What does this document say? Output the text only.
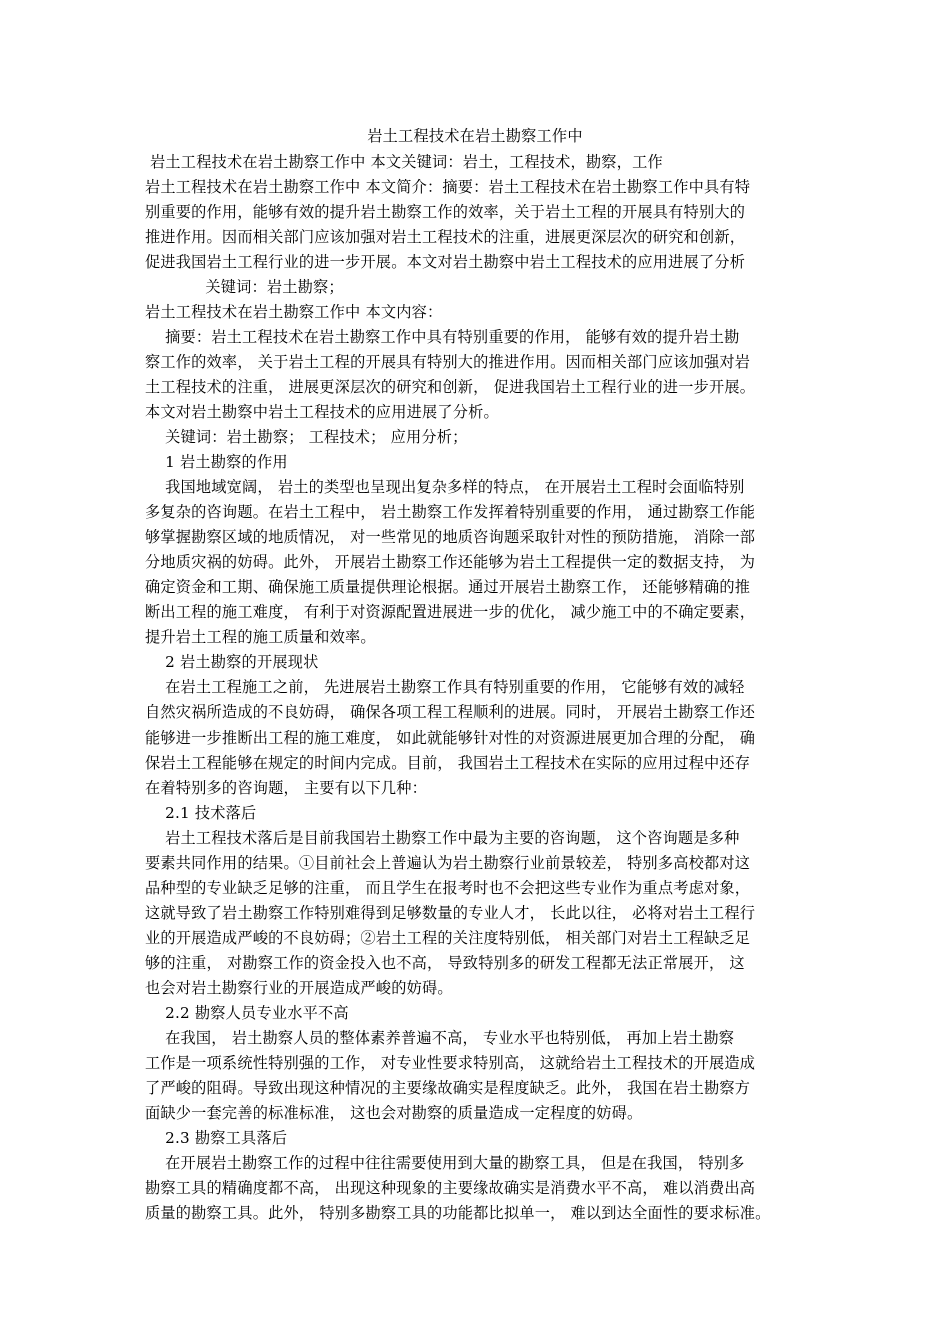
岩土工程技术在岩土勘察工作中
岩土工程技术在岩土勘察工作中 本文关键词：岩土，工程技术，勘察，工作
岩土工程技术在岩土勘察工作中 本文简介：摘要：岩土工程技术在岩土勘察工作中具有特
别重要的作用，能够有效的提升岩土勘察工作的效率，关于岩土工程的开展具有特别大的
推进作用。因而相关部门应该加强对岩土工程技术的注重，进展更深层次的研究和创新，
促进我国岩土工程行业的进一步开展。本文对岩土勘察中岩土工程技术的应用进展了分析
关键词：岩土勘察；
岩土工程技术在岩土勘察工作中 本文内容：
摘要：岩土工程技术在岩土勘察工作中具有特别重要的作用， 能够有效的提升岩土勘
察工作的效率， 关于岩土工程的开展具有特别大的推进作用。因而相关部门应该加强对岩
土工程技术的注重， 进展更深层次的研究和创新， 促进我国岩土工程行业的进一步开展。
本文对岩土勘察中岩土工程技术的应用进展了分析。
关键词：岩土勘察； 工程技术； 应用分析；
1 岩土勘察的作用
我国地域宽阔， 岩土的类型也呈现出复杂多样的特点， 在开展岩土工程时会面临特别
多复杂的咨询题。在岩土工程中， 岩土勘察工作发挥着特别重要的作用， 通过勘察工作能
够掌握勘察区域的地质情况， 对一些常见的地质咨询题采取针对性的预防措施， 消除一部
分地质灾祸的妨碍。此外， 开展岩土勘察工作还能够为岩土工程提供一定的数据支持， 为
确定资金和工期、确保施工质量提供理论根据。通过开展岩土勘察工作， 还能够精确的推
断出工程的施工难度， 有利于对资源配置进展进一步的优化， 减少施工中的不确定要素，
提升岩土工程的施工质量和效率。
2 岩土勘察的开展现状
在岩土工程施工之前， 先进展岩土勘察工作具有特别重要的作用， 它能够有效的减轻
自然灾祸所造成的不良妨碍， 确保各项工程工程顺利的进展。同时， 开展岩土勘察工作还
能够进一步推断出工程的施工难度， 如此就能够针对性的对资源进展更加合理的分配， 确
保岩土工程能够在规定的时间内完成。目前， 我国岩土工程技术在实际的应用过程中还存
在着特别多的咨询题， 主要有以下几种：
2.1 技术落后
岩土工程技术落后是目前我国岩土勘察工作中最为主要的咨询题， 这个咨询题是多种
要素共同作用的结果。①目前社会上普遍认为岩土勘察行业前景较差， 特别多高校都对这
品种型的专业缺乏足够的注重， 而且学生在报考时也不会把这些专业作为重点考虑对象，
这就导致了岩土勘察工作特别难得到足够数量的专业人才， 长此以往， 必将对岩土工程行
业的开展造成严峻的不良妨碍；②岩土工程的关注度特别低， 相关部门对岩土工程缺乏足
够的注重， 对勘察工作的资金投入也不高， 导致特别多的研发工程都无法正常展开， 这
也会对岩土勘察行业的开展造成严峻的妨碍。
2.2 勘察人员专业水平不高
在我国， 岩土勘察人员的整体素养普遍不高， 专业水平也特别低， 再加上岩土勘察
工作是一项系统性特别强的工作， 对专业性要求特别高， 这就给岩土工程技术的开展造成
了严峻的阻碍。导致出现这种情况的主要缘故确实是程度缺乏。此外， 我国在岩土勘察方
面缺少一套完善的标准标准， 这也会对勘察的质量造成一定程度的妨碍。
2.3 勘察工具落后
在开展岩土勘察工作的过程中往往需要使用到大量的勘察工具， 但是在我国， 特别多
勘察工具的精确度都不高， 出现这种现象的主要缘故确实是消费水平不高， 难以消费出高
质量的勘察工具。此外， 特别多勘察工具的功能都比拟单一， 难以到达全面性的要求标准。
